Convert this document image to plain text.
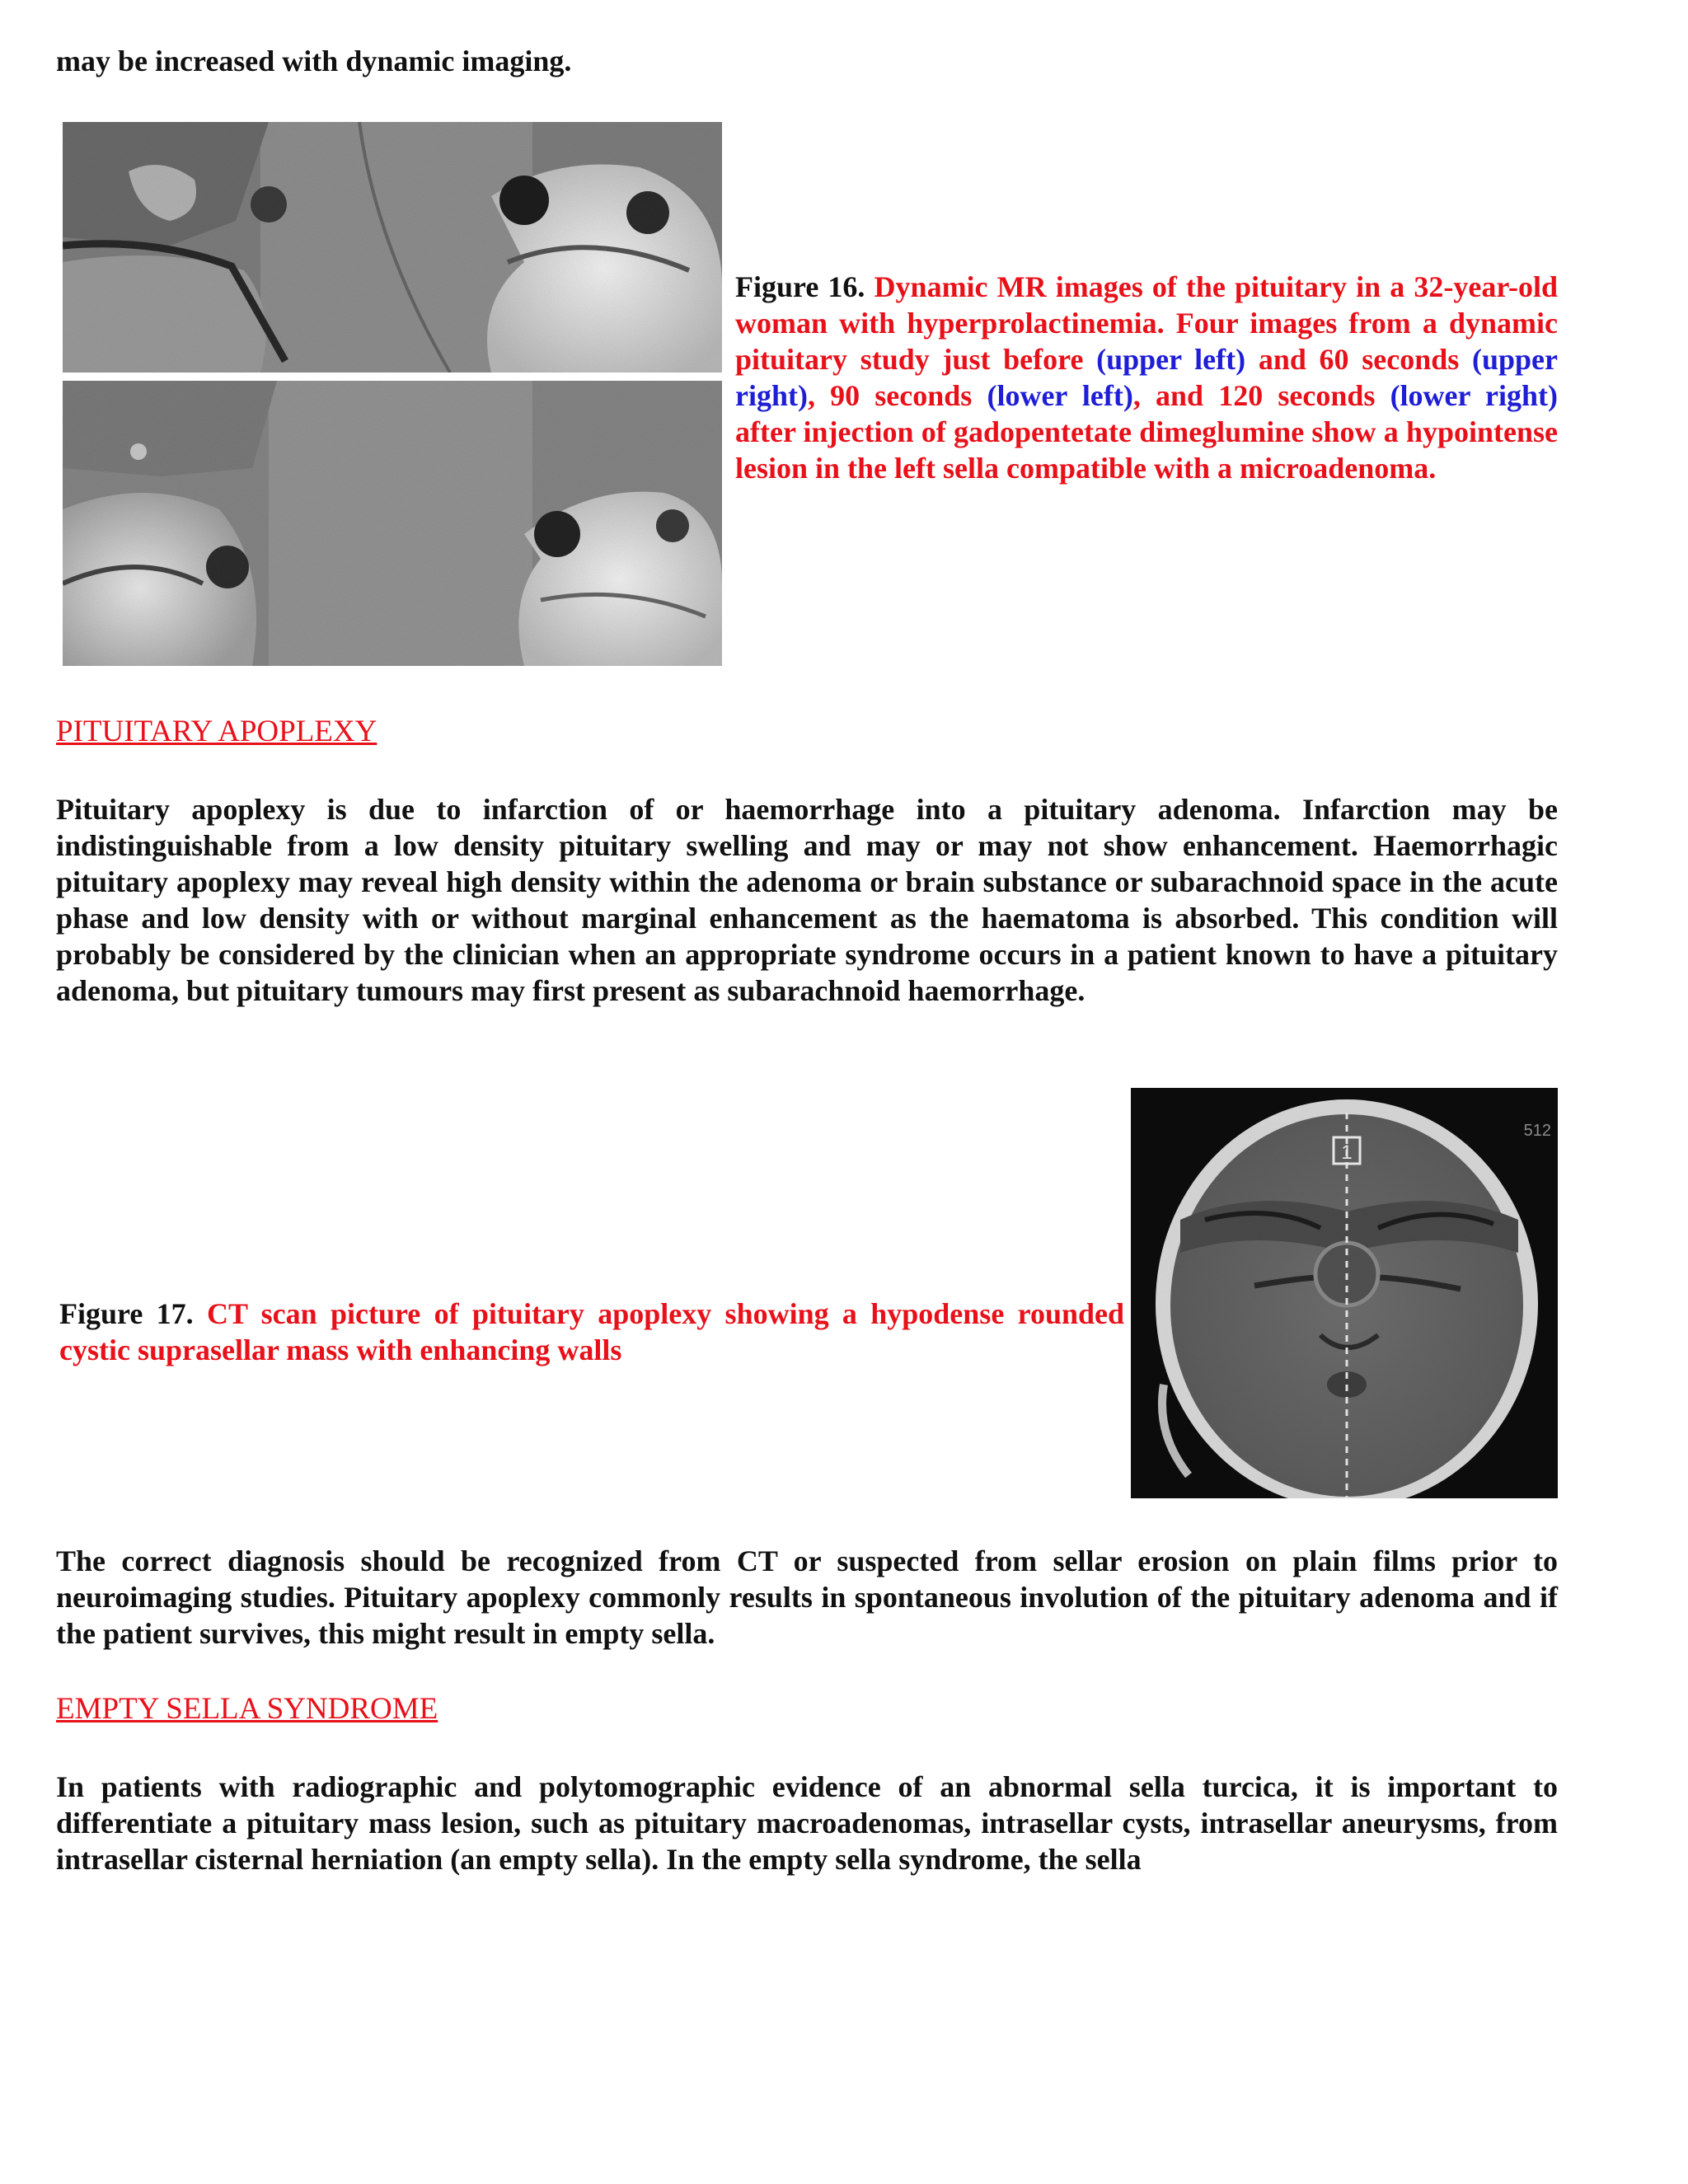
may be increased with dynamic imaging.

Figure 16. Dynamic MR images of the pituitary in a 32-year-old woman with hyperprolactinemia. Four images from a dynamic pituitary study just before (upper left) and 60 seconds (upper right), 90 seconds (lower left), and 120 seconds (lower right) after injection of gadopentetate dimeglumine show a hypointense lesion in the left sella compatible with a microadenoma.

PITUITARY APOPLEXY

Pituitary apoplexy is due to infarction of or haemorrhage into a pituitary adenoma. Infarction may be indistinguishable from a low density pituitary swelling and may or may not show enhancement. Haemorrhagic pituitary apoplexy may reveal high density within the adenoma or brain substance or subarachnoid space in the acute phase and low density with or without marginal enhancement as the haematoma is absorbed. This condition will probably be considered by the clinician when an appropriate syndrome occurs in a patient known to have a pituitary adenoma, but pituitary tumours may first present as subarachnoid haemorrhage.

Figure 17. CT scan picture of pituitary apoplexy showing a hypodense rounded cystic suprasellar mass with enhancing walls

1
512

The correct diagnosis should be recognized from CT or suspected from sellar erosion on plain films prior to neuroimaging studies. Pituitary apoplexy commonly results in spontaneous involution of the pituitary adenoma and if the patient survives, this might result in empty sella.

EMPTY SELLA SYNDROME

In patients with radiographic and polytomographic evidence of an abnormal sella turcica, it is important to differentiate a pituitary mass lesion, such as pituitary macroadenomas, intrasellar cysts, intrasellar aneurysms, from intrasellar cisternal herniation (an empty sella). In the empty sella syndrome, the sella
